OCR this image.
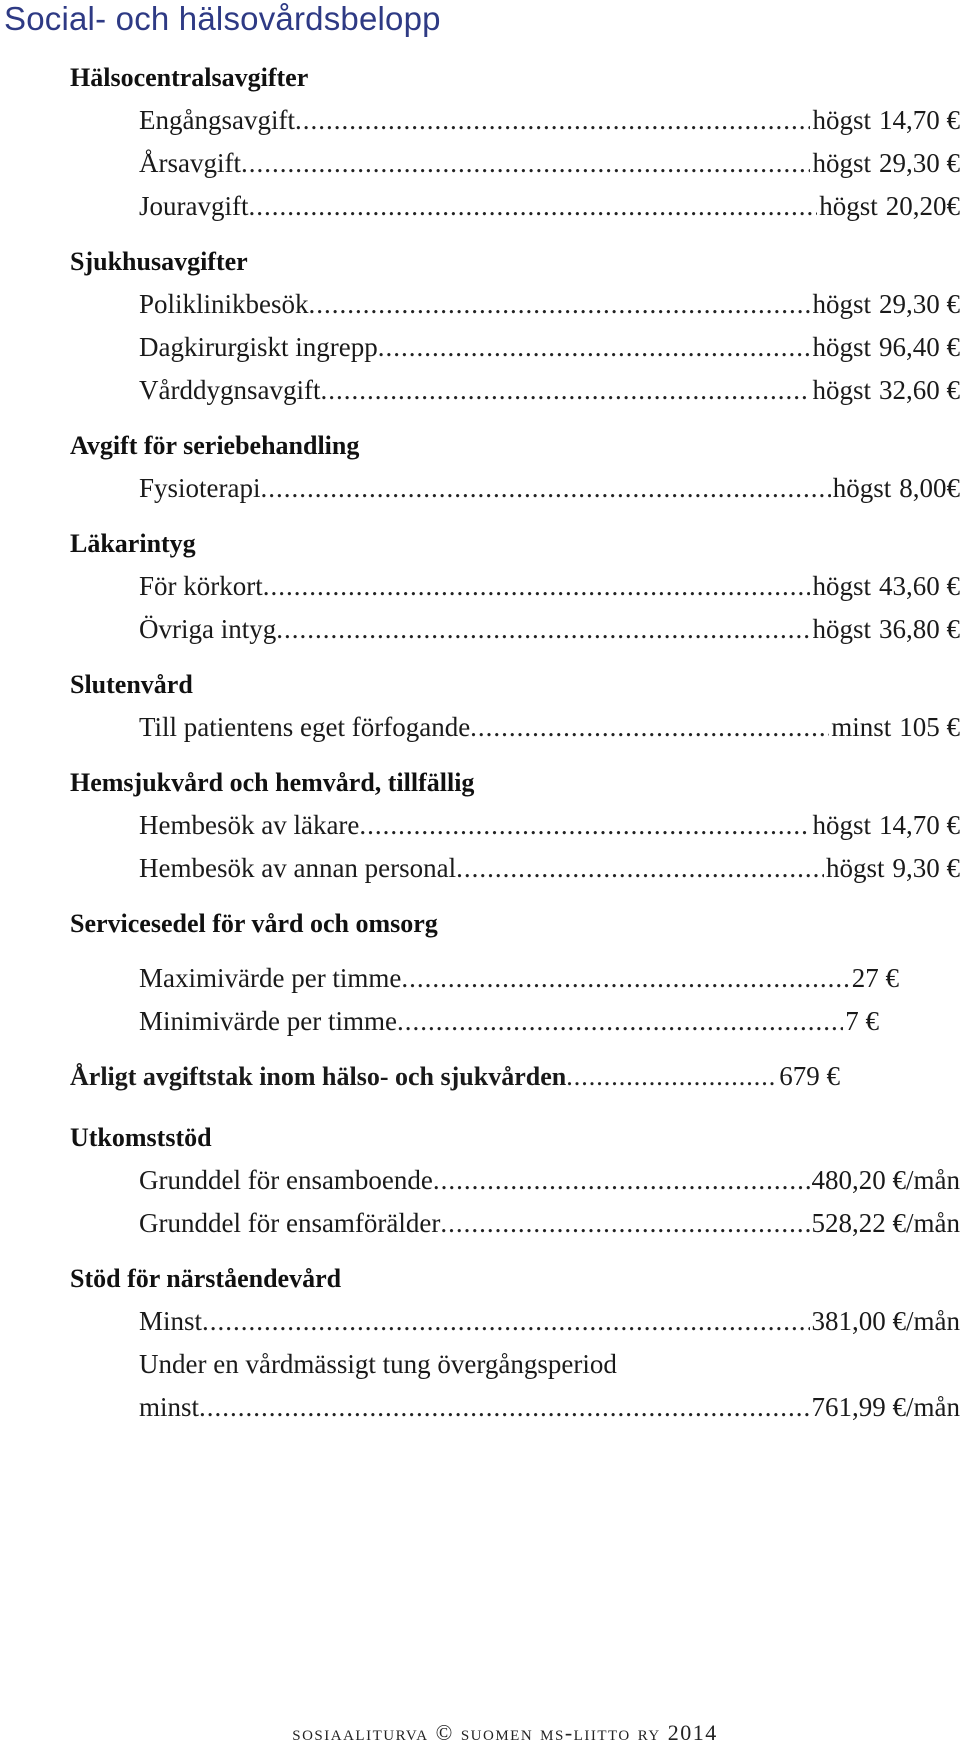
Social- och hälsovårdsbelopp
Hälsocentralsavgifter
Engångsavgift .....	högst 14,70 €
Årsavgift .....	högst 29,30 €
Jouravgift .....	högst 20,20€
Sjukhusavgifter
Poliklinikbesök .....	högst 29,30 €
Dagkirurgiskt ingrepp .....	högst 96,40 €
Vårddygnsavgift .....	högst 32,60 €
Avgift för seriebehandling
Fysioterapi .....	högst 8,00€
Läkarintyg
För körkort .....	högst 43,60 €
Övriga intyg .....	högst 36,80 €
Slutenvård
Till patientens eget förfogande .....	minst 105 €
Hemsjukvård och hemvård, tillfällig
Hembesök av läkare .....	högst 14,70 €
Hembesök av annan personal .....	högst 9,30 €
Servicesedel för vård och omsorg
Maximivärde per timme .....	27 €
Minimivärde per timme .....	7 €
Årligt avgiftstak inom hälso- och sjukvården .....	679 €
Utkomststöd
Grunddel för ensamboende .....	480,20 €/mån
Grunddel för ensamförälder .....	528,22 €/mån
Stöd för närståendevård
Minst .....	381,00 €/mån
Under en vårdmässigt tung övergångsperiod
minst .....	761,99 €/mån
sosiaaliturva © suomen ms-liitto ry 2014
